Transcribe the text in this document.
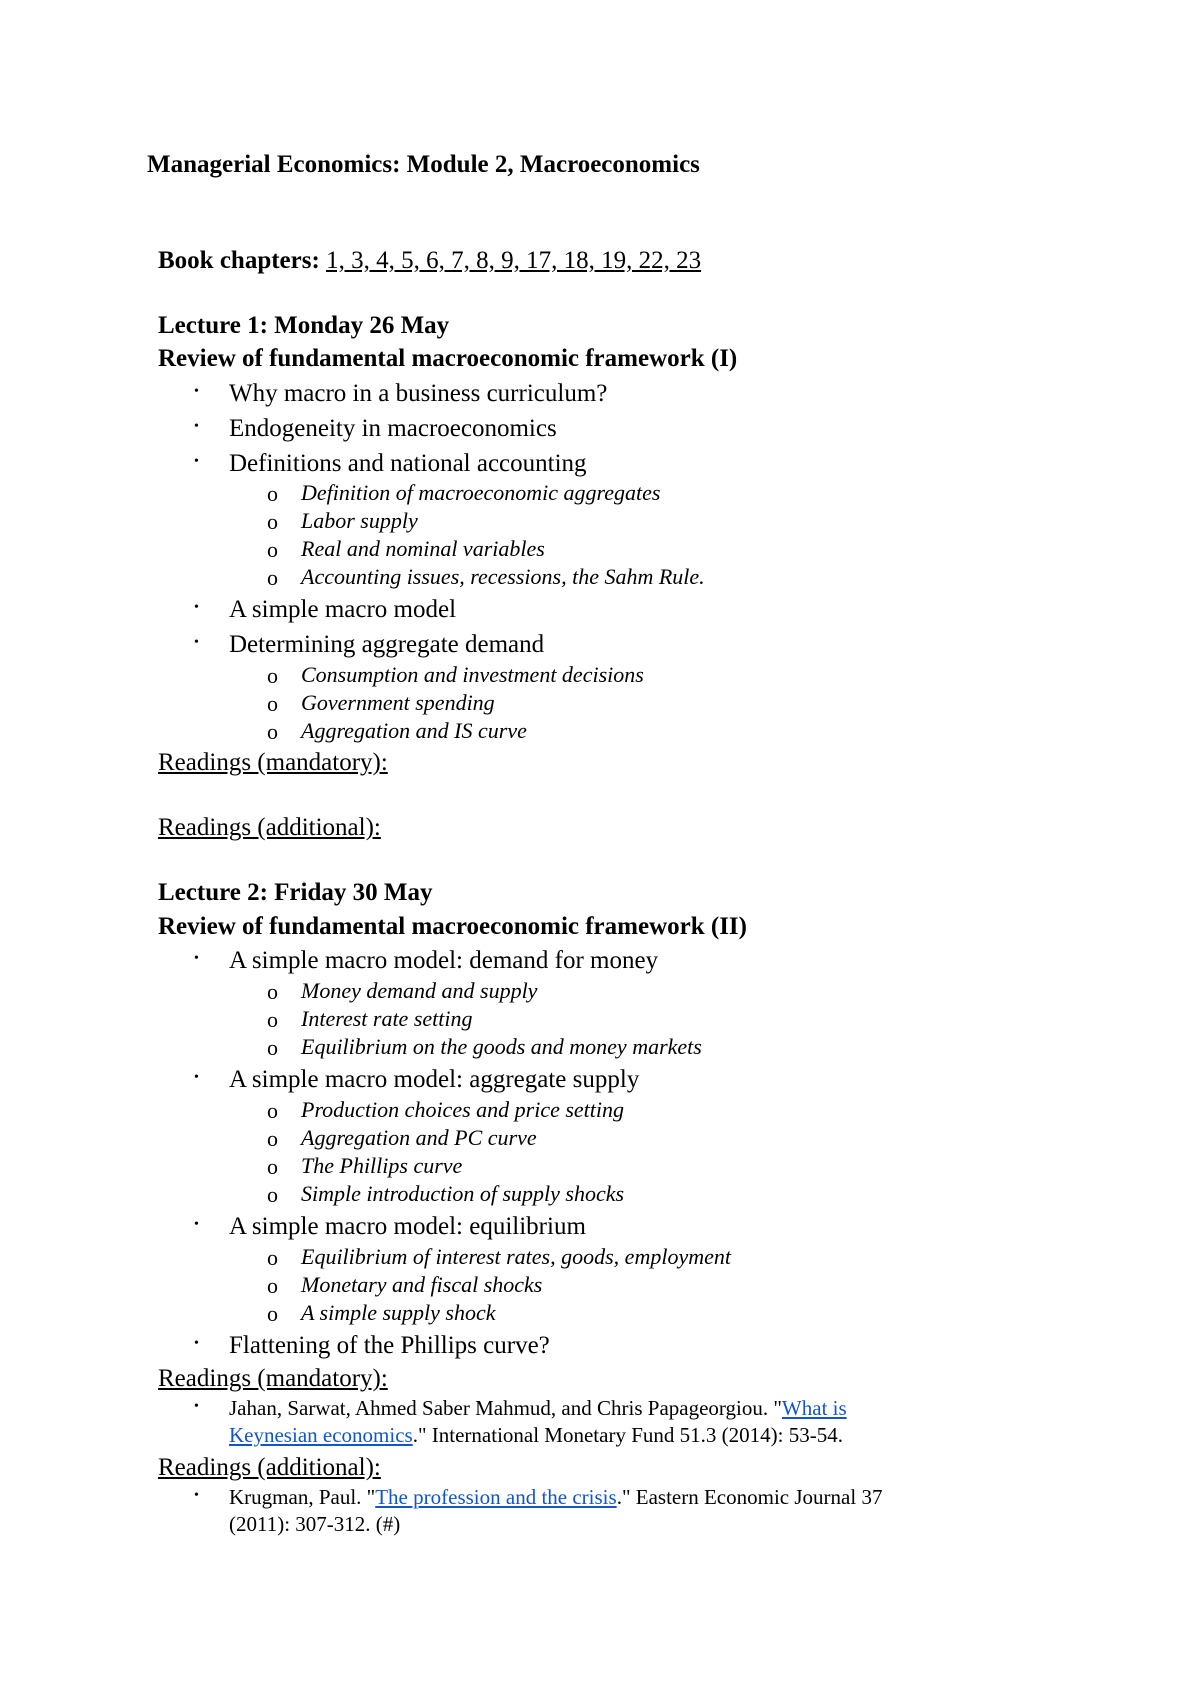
Managerial Economics: Module 2, Macroeconomics
Book chapters: 1, 3, 4, 5, 6, 7, 8, 9, 17, 18, 19, 22, 23
Lecture 1: Monday 26 May
Review of fundamental macroeconomic framework (I)
• Why macro in a business curriculum?
• Endogeneity in macroeconomics
• Definitions and national accounting
o Definition of macroeconomic aggregates
o Labor supply
o Real and nominal variables
o Accounting issues, recessions, the Sahm Rule.
• A simple macro model
• Determining aggregate demand
o Consumption and investment decisions
o Government spending
o Aggregation and IS curve
Readings (mandatory):
Readings (additional):
Lecture 2: Friday 30 May
Review of fundamental macroeconomic framework (II)
• A simple macro model: demand for money
o Money demand and supply
o Interest rate setting
o Equilibrium on the goods and money markets
• A simple macro model: aggregate supply
o Production choices and price setting
o Aggregation and PC curve
o The Phillips curve
o Simple introduction of supply shocks
• A simple macro model: equilibrium
o Equilibrium of interest rates, goods, employment
o Monetary and fiscal shocks
o A simple supply shock
• Flattening of the Phillips curve?
Readings (mandatory):
• Jahan, Sarwat, Ahmed Saber Mahmud, and Chris Papageorgiou. "What is
Keynesian economics." International Monetary Fund 51.3 (2014): 53-54.
Readings (additional):
• Krugman, Paul. "The profession and the crisis." Eastern Economic Journal 37
(2011): 307-312. (#)
